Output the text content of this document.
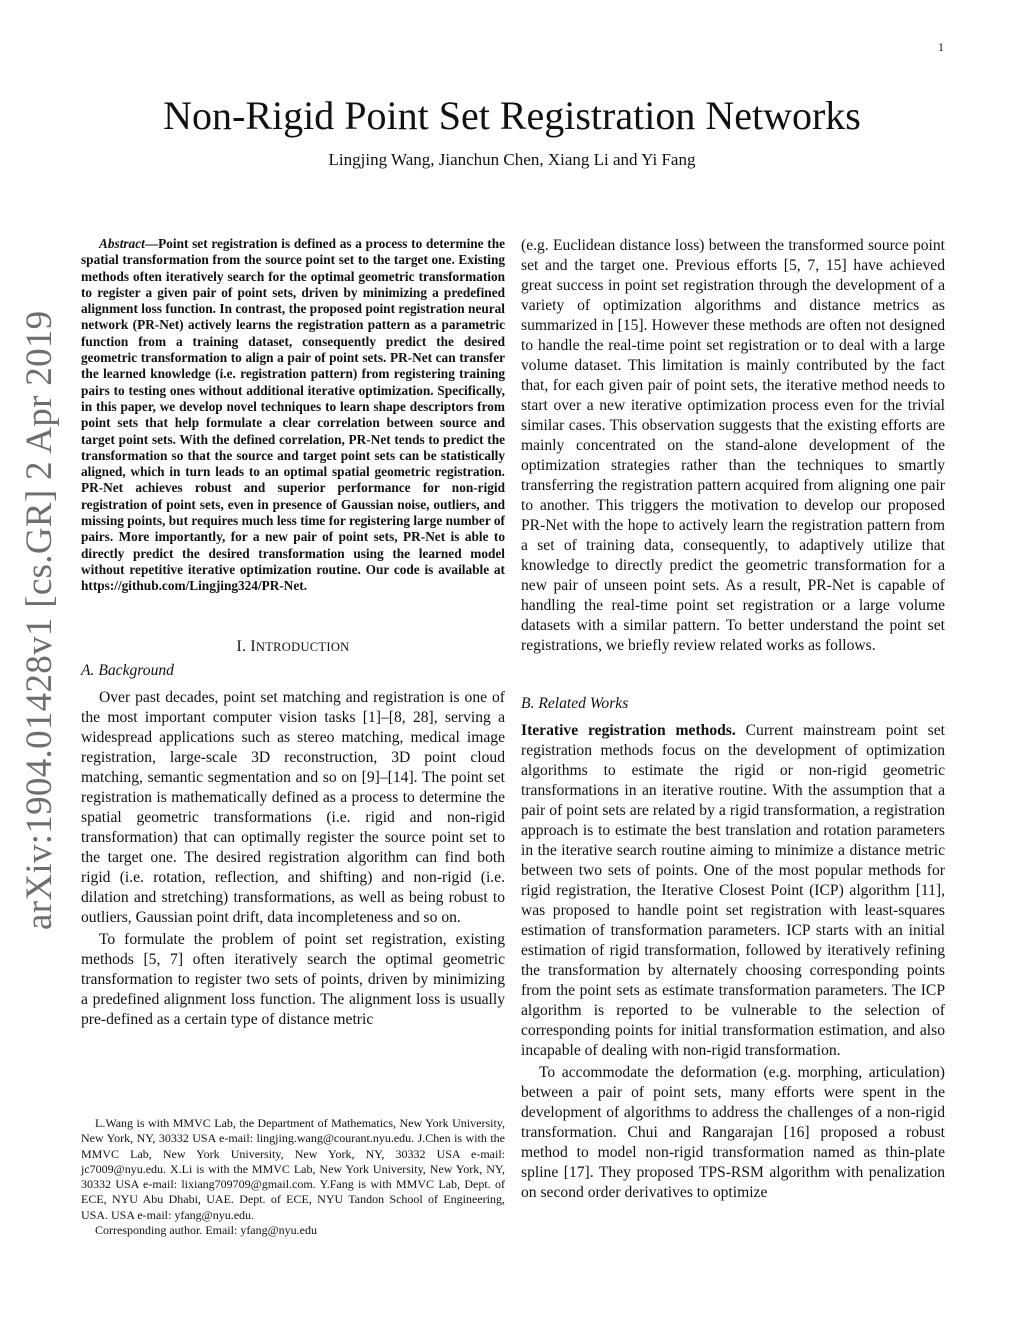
1
arXiv:1904.01428v1 [cs.GR] 2 Apr 2019
Non-Rigid Point Set Registration Networks
Lingjing Wang, Jianchun Chen, Xiang Li and Yi Fang

Abstract—Point set registration is defined as a process to determine the spatial transformation from the source point set to the target one. Existing methods often iteratively search for the optimal geometric transformation to register a given pair of point sets, driven by minimizing a predefined alignment loss function. In contrast, the proposed point registration neural network (PR-Net) actively learns the registration pattern as a parametric function from a training dataset, consequently predict the desired geometric transformation to align a pair of point sets. PR-Net can transfer the learned knowledge (i.e. registration pattern) from registering training pairs to testing ones without additional iterative optimization. Specifically, in this paper, we develop novel techniques to learn shape descriptors from point sets that help formulate a clear correlation between source and target point sets. With the defined correlation, PR-Net tends to predict the transformation so that the source and target point sets can be statistically aligned, which in turn leads to an optimal spatial geometric registration. PR-Net achieves robust and superior performance for non-rigid registration of point sets, even in presence of Gaussian noise, outliers, and missing points, but requires much less time for registering large number of pairs. More importantly, for a new pair of point sets, PR-Net is able to directly predict the desired transformation using the learned model without repetitive iterative optimization routine. Our code is available at https://github.com/Lingjing324/PR-Net.

I. INTRODUCTION
A. Background

Over past decades, point set matching and registration is one of the most important computer vision tasks [1]–[8, 28], serving a widespread applications such as stereo matching, medical image registration, large-scale 3D reconstruction, 3D point cloud matching, semantic segmentation and so on [9]–[14]. The point set registration is mathematically defined as a process to determine the spatial geometric transformations (i.e. rigid and non-rigid transformation) that can optimally register the source point set to the target one. The desired registration algorithm can find both rigid (i.e. rotation, reflection, and shifting) and non-rigid (i.e. dilation and stretching) transformations, as well as being robust to outliers, Gaussian point drift, data incompleteness and so on.

To formulate the problem of point set registration, existing methods [5, 7] often iteratively search the optimal geometric transformation to register two sets of points, driven by minimizing a predefined alignment loss function. The alignment loss is usually pre-defined as a certain type of distance metric

L.Wang is with MMVC Lab, the Department of Mathematics, New York University, New York, NY, 30332 USA e-mail: lingjing.wang@courant.nyu.edu. J.Chen is with the MMVC Lab, New York University, New York, NY, 30332 USA e-mail: jc7009@nyu.edu. X.Li is with the MMVC Lab, New York University, New York, NY, 30332 USA e-mail: lixiang709709@gmail.com. Y.Fang is with MMVC Lab, Dept. of ECE, NYU Abu Dhabi, UAE. Dept. of ECE, NYU Tandon School of Engineering, USA. USA e-mail: yfang@nyu.edu.

Corresponding author. Email: yfang@nyu.edu

(e.g. Euclidean distance loss) between the transformed source point set and the target one. Previous efforts [5, 7, 15] have achieved great success in point set registration through the development of a variety of optimization algorithms and distance metrics as summarized in [15]. However these methods are often not designed to handle the real-time point set registration or to deal with a large volume dataset. This limitation is mainly contributed by the fact that, for each given pair of point sets, the iterative method needs to start over a new iterative optimization process even for the trivial similar cases. This observation suggests that the existing efforts are mainly concentrated on the stand-alone development of the optimization strategies rather than the techniques to smartly transferring the registration pattern acquired from aligning one pair to another. This triggers the motivation to develop our proposed PR-Net with the hope to actively learn the registration pattern from a set of training data, consequently, to adaptively utilize that knowledge to directly predict the geometric transformation for a new pair of unseen point sets. As a result, PR-Net is capable of handling the real-time point set registration or a large volume datasets with a similar pattern. To better understand the point set registrations, we briefly review related works as follows.

B. Related Works

Iterative registration methods. Current mainstream point set registration methods focus on the development of optimization algorithms to estimate the rigid or non-rigid geometric transformations in an iterative routine. With the assumption that a pair of point sets are related by a rigid transformation, a registration approach is to estimate the best translation and rotation parameters in the iterative search routine aiming to minimize a distance metric between two sets of points. One of the most popular methods for rigid registration, the Iterative Closest Point (ICP) algorithm [11], was proposed to handle point set registration with least-squares estimation of transformation parameters. ICP starts with an initial estimation of rigid transformation, followed by iteratively refining the transformation by alternately choosing corresponding points from the point sets as estimate transformation parameters. The ICP algorithm is reported to be vulnerable to the selection of corresponding points for initial transformation estimation, and also incapable of dealing with non-rigid transformation.

To accommodate the deformation (e.g. morphing, articulation) between a pair of point sets, many efforts were spent in the development of algorithms to address the challenges of a non-rigid transformation. Chui and Rangarajan [16] proposed a robust method to model non-rigid transformation named as thin-plate spline [17]. They proposed TPS-RSM algorithm with penalization on second order derivatives to optimize
